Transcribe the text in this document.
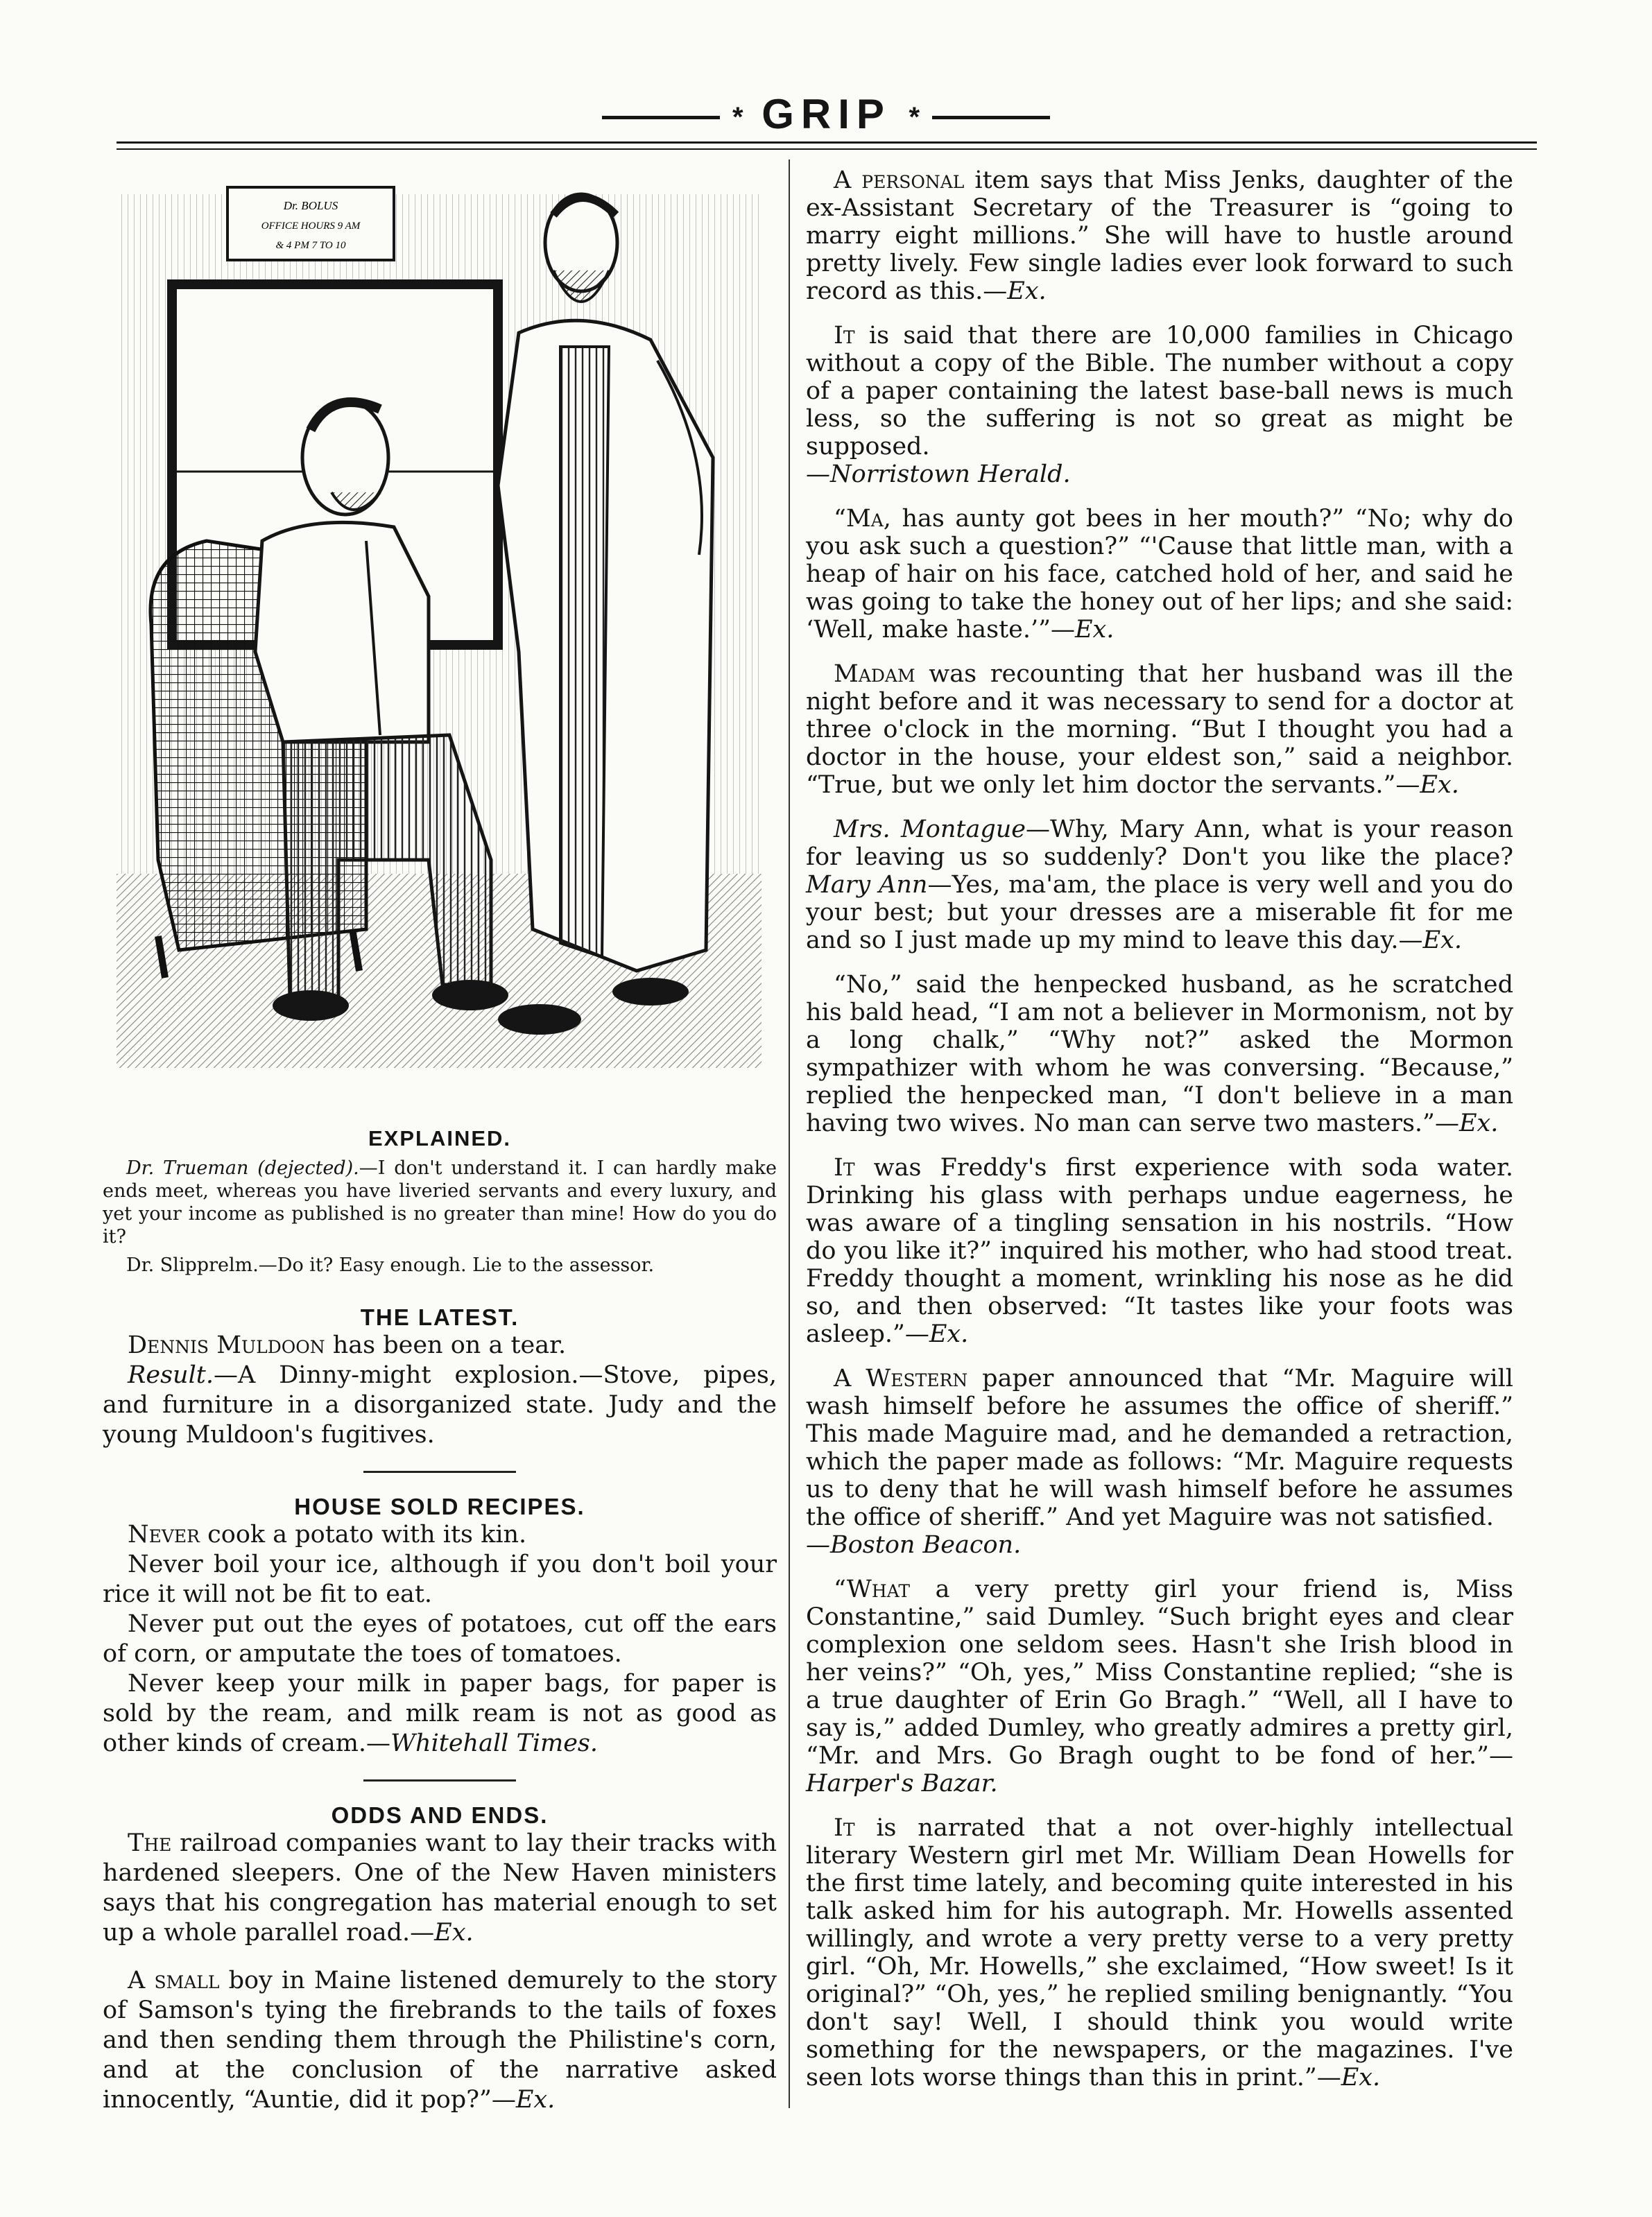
* GRIP *
Dr. BOLUS
OFFICE HOURS 9 AM
& 4 PM 7 TO 10
EXPLAINED.

Dr. Trueman (dejected).—I don't understand it. I can hardly make ends meet, whereas you have liveried servants and every luxury, and yet your income as published is no greater than mine! How do you do it?

Dr. Slipprelm.—Do it? Easy enough. Lie to the assessor.

THE LATEST.

Dennis Muldoon has been on a tear.

Result.—A Dinny-might explosion.—Stove, pipes, and furniture in a disorganized state. Judy and the young Muldoon's fugitives.

HOUSE SOLD RECIPES.

Never cook a potato with its kin.

Never boil your ice, although if you don't boil your rice it will not be fit to eat.

Never put out the eyes of potatoes, cut off the ears of corn, or amputate the toes of tomatoes.

Never keep your milk in paper bags, for paper is sold by the ream, and milk ream is not as good as other kinds of cream.—Whitehall Times.

ODDS AND ENDS.

The railroad companies want to lay their tracks with hardened sleepers. One of the New Haven ministers says that his congregation has material enough to set up a whole parallel road.—Ex.

A small boy in Maine listened demurely to the story of Samson's tying the firebrands to the tails of foxes and then sending them through the Philistine's corn, and at the conclusion of the narrative asked innocently, “Auntie, did it pop?”—Ex.

A personal item says that Miss Jenks, daughter of the ex-Assistant Secretary of the Treasurer is “going to marry eight millions.” She will have to hustle around pretty lively. Few single ladies ever look forward to such record as this.—Ex.

It is said that there are 10,000 families in Chicago without a copy of the Bible. The number without a copy of a paper containing the latest base-ball news is much less, so the suffering is not so great as might be supposed.
—Norristown Herald.

“Ma, has aunty got bees in her mouth?” “No; why do you ask such a question?” “'Cause that little man, with a heap of hair on his face, catched hold of her, and said he was going to take the honey out of her lips; and she said: ‘Well, make haste.’”—Ex.

Madam was recounting that her husband was ill the night before and it was necessary to send for a doctor at three o'clock in the morning. “But I thought you had a doctor in the house, your eldest son,” said a neighbor. “True, but we only let him doctor the servants.”—Ex.

Mrs. Montague—Why, Mary Ann, what is your reason for leaving us so suddenly? Don't you like the place? Mary Ann—Yes, ma'am, the place is very well and you do your best; but your dresses are a miserable fit for me and so I just made up my mind to leave this day.—Ex.

“No,” said the henpecked husband, as he scratched his bald head, “I am not a believer in Mormonism, not by a long chalk,” “Why not?” asked the Mormon sympathizer with whom he was conversing. “Because,” replied the henpecked man, “I don't believe in a man having two wives. No man can serve two masters.”—Ex.

It was Freddy's first experience with soda water. Drinking his glass with perhaps undue eagerness, he was aware of a tingling sensation in his nostrils. “How do you like it?” inquired his mother, who had stood treat. Freddy thought a moment, wrinkling his nose as he did so, and then observed: “It tastes like your foots was asleep.”—Ex.

A Western paper announced that “Mr. Maguire will wash himself before he assumes the office of sheriff.” This made Maguire mad, and he demanded a retraction, which the paper made as follows: “Mr. Maguire requests us to deny that he will wash himself before he assumes the office of sheriff.” And yet Maguire was not satisfied.
—Boston Beacon.

“What a very pretty girl your friend is, Miss Constantine,” said Dumley. “Such bright eyes and clear complexion one seldom sees. Hasn't she Irish blood in her veins?” “Oh, yes,” Miss Constantine replied; “she is a true daughter of Erin Go Bragh.” “Well, all I have to say is,” added Dumley, who greatly admires a pretty girl, “Mr. and Mrs. Go Bragh ought to be fond of her.”—Harper's Bazar.

It is narrated that a not over-highly intellectual literary Western girl met Mr. William Dean Howells for the first time lately, and becoming quite interested in his talk asked him for his autograph. Mr. Howells assented willingly, and wrote a very pretty verse to a very pretty girl. “Oh, Mr. Howells,” she exclaimed, “How sweet! Is it original?” “Oh, yes,” he replied smiling benignantly. “You don't say! Well, I should think you would write something for the newspapers, or the magazines. I've seen lots worse things than this in print.”—Ex.
